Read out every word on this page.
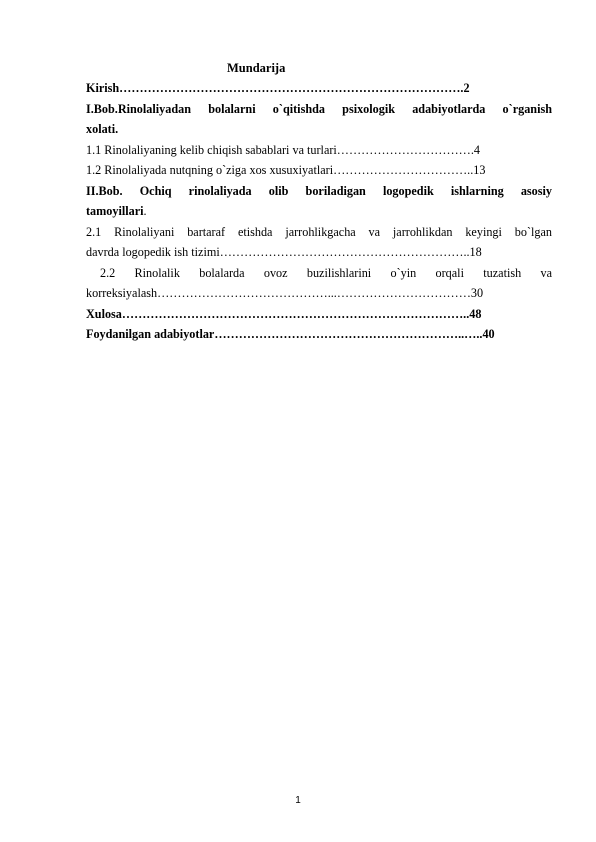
Mundarija
Kirish………………………………………………………………………….2
I.Bob.Rinolaliyadan bolalarni o`qitishda psixologik adabiyotlarda o`rganish
xolati.
1.1 Rinolaliyaning kelib chiqish sabablari va turlari…………………………….4
1.2 Rinolaliyada nutqning o`ziga xos xusuxiyatlari……………………………..13
II.Bob. Ochiq rinolaliyada olib boriladigan logopedik ishlarning asosiy
tamoyillari.
2.1 Rinolaliyani bartaraf etishda jarrohlikgacha va jarrohlikdan keyingi bo`lgan
davrda logopedik ish tizimi……………………………………………………..18
2.2 Rinolalik bolalarda ovoz buzilishlarini o`yin orqali tuzatish va
korreksiyalash……………………………………...……………………………30
Xulosa…………………………………………………………………………..48
Foydanilgan adabiyotlar……………………………………………………..…..40
1
